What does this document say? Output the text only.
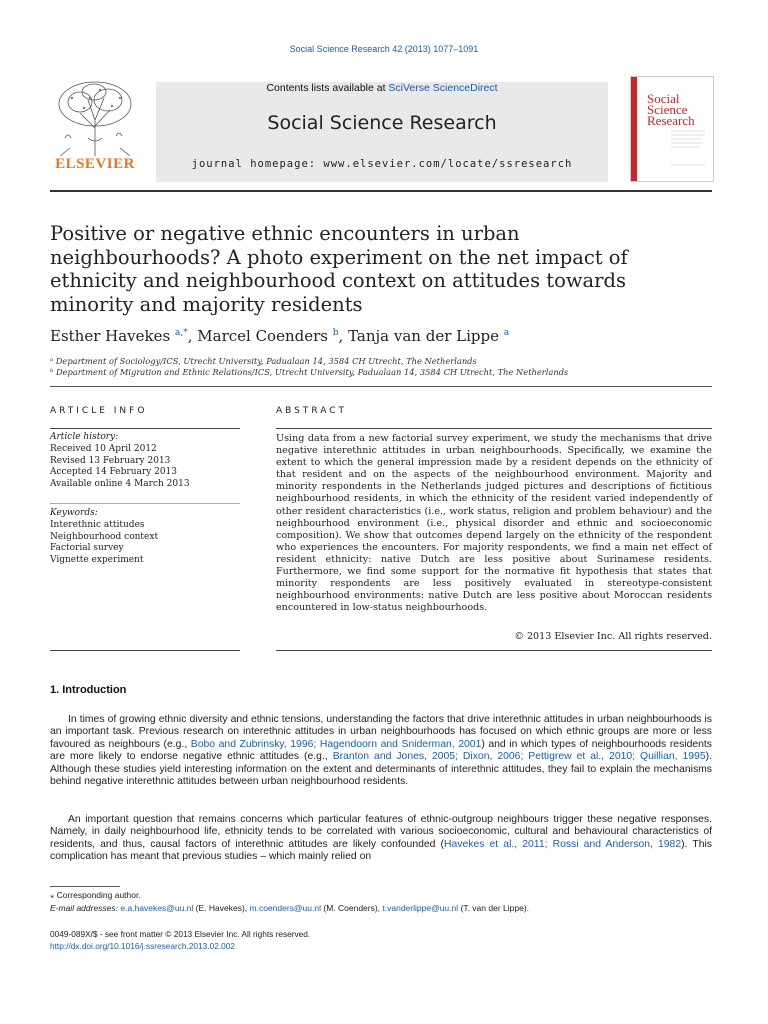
Social Science Research 42 (2013) 1077–1091
ELSEVIER
Contents lists available at SciVerse ScienceDirect
Social Science Research
journal homepage: www.elsevier.com/locate/ssresearch
Social Science Research
Positive or negative ethnic encounters in urban neighbourhoods? A photo experiment on the net impact of ethnicity and neighbourhood context on attitudes towards minority and majority residents
Esther Havekes $^{a,*}$, Marcel Coenders $^b$, Tanja van der Lippe $^a$
ᵃ Department of Sociology/ICS, Utrecht University, Padualaan 14, 3584 CH Utrecht, The Netherlands
ᵇ Department of Migration and Ethnic Relations/ICS, Utrecht University, Padualaan 14, 3584 CH Utrecht, The Netherlands
ARTICLE INFO
Article history:
Received 10 April 2012
Revised 13 February 2013
Accepted 14 February 2013
Available online 4 March 2013
Keywords:
Interethnic attitudes
Neighbourhood context
Factorial survey
Vignette experiment
ABSTRACT
Using data from a new factorial survey experiment, we study the mechanisms that drive negative interethnic attitudes in urban neighbourhoods. Specifically, we examine the extent to which the general impression made by a resident depends on the ethnicity of that resident and on the aspects of the neighbourhood environment. Majority and minority respondents in the Netherlands judged pictures and descriptions of fictitious neighbourhood residents, in which the ethnicity of the resident varied independently of other resident characteristics (i.e., work status, religion and problem behaviour) and the neighbourhood environment (i.e., physical disorder and ethnic and socioeconomic composition). We show that outcomes depend largely on the ethnicity of the respondent who experiences the encounters. For majority respondents, we find a main net effect of resident ethnicity: native Dutch are less positive about Surinamese residents. Furthermore, we find some support for the normative fit hypothesis that states that minority respondents are less positively evaluated in stereotype-consistent neighbourhood environments: native Dutch are less positive about Moroccan residents encountered in low-status neighbourhoods.
© 2013 Elsevier Inc. All rights reserved.
1. Introduction
In times of growing ethnic diversity and ethnic tensions, understanding the factors that drive interethnic attitudes in urban neighbourhoods is an important task. Previous research on interethnic attitudes in urban neighbourhoods has focused on which ethnic groups are more or less favoured as neighbours (e.g., Bobo and Zubrinsky, 1996; Hagendoorn and Sniderman, 2001) and in which types of neighbourhoods residents are more likely to endorse negative ethnic attitudes (e.g., Branton and Jones, 2005; Dixon, 2006; Pettigrew et al., 2010; Quillian, 1995). Although these studies yield interesting information on the extent and determinants of interethnic attitudes, they fail to explain the mechanisms behind negative interethnic attitudes between urban neighbourhood residents.
An important question that remains concerns which particular features of ethnic-outgroup neighbours trigger these negative responses. Namely, in daily neighbourhood life, ethnicity tends to be correlated with various socioeconomic, cultural and behavioural characteristics of residents, and thus, causal factors of interethnic attitudes are likely confounded (Havekes et al., 2011; Rossi and Anderson, 1982). This complication has meant that previous studies – which mainly relied on
⁎ Corresponding author.
E-mail addresses: e.a.havekes@uu.nl (E. Havekes), m.coenders@uu.nl (M. Coenders), t.vanderlippe@uu.nl (T. van der Lippe).
0049-089X/$ - see front matter © 2013 Elsevier Inc. All rights reserved.
http://dx.doi.org/10.1016/j.ssresearch.2013.02.002
